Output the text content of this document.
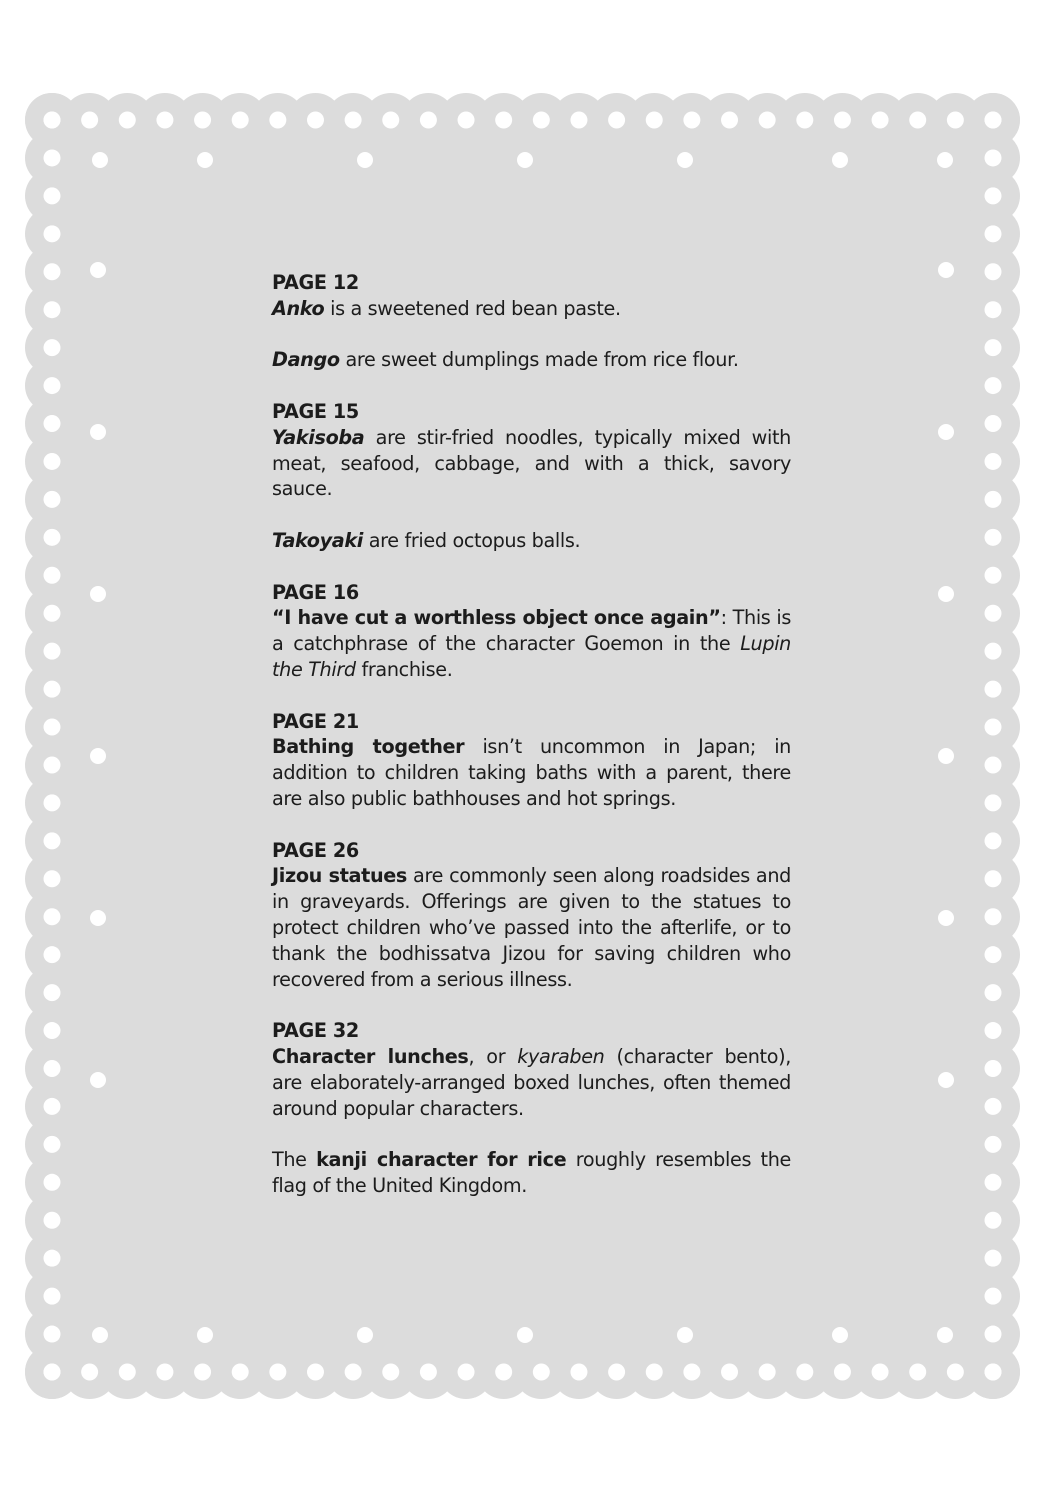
PAGE 12

Anko is a sweetened red bean paste.

Dango are sweet dumplings made from rice flour.

PAGE 15

Yakisoba are stir-fried noodles, typically mixed with meat, seafood, cabbage, and with a thick, savory sauce.

Takoyaki are fried octopus balls.

PAGE 16

“I have cut a worthless object once again”: This is a catchphrase of the character Goemon in the Lupin the Third franchise.

PAGE 21

Bathing together isn’t uncommon in Japan; in addition to children taking baths with a parent, there are also public bathhouses and hot springs.

PAGE 26

Jizou statues are commonly seen along roadsides and in graveyards. Offerings are given to the statues to protect children who’ve passed into the afterlife, or to thank the bodhissatva Jizou for saving children who recovered from a serious illness.

PAGE 32

Character lunches, or kyaraben (character bento), are elaborately-arranged boxed lunches, often themed around popular characters.

The kanji character for rice roughly resembles the flag of the United Kingdom.
